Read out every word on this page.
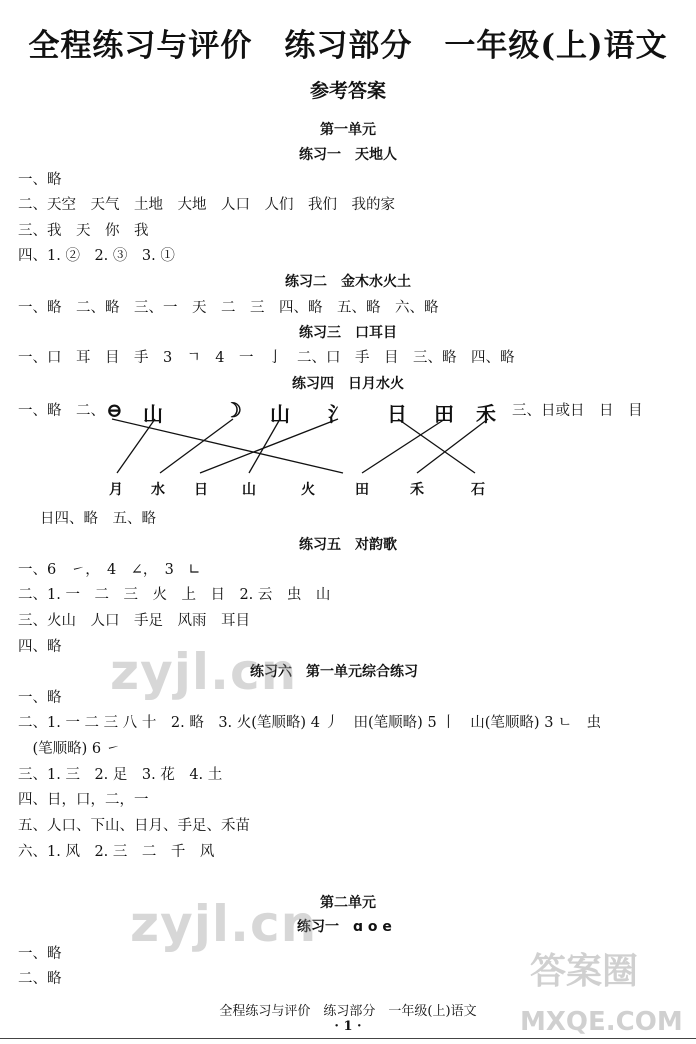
全程练习与评价　练习部分　一年级(上)语文
参考答案
第一单元
练习一　天地人
一、略
二、天空　天气　土地　大地　人口　人们　我们　我的家
三、我　天　你　我
四、1. ②　2. ③　3. ①
练习二　金木水火土
一、略　二、略　三、一　天　二　三　四、略　五、略　六、略
练习三　口耳目
一、口　耳　目　手　3　ㄱ　4　一　亅　二、口　手　目　三、略　四、略
练习四　日月水火
一、略　二、	三、日或日　日　目
⊖ 山	☽ 山 氵 日 田 禾
月 水 日 山	火	田	禾	石
日四、略　五、略
练习五　对韵歌
一、6　㇀，　4　∠，　3　∟
二、1. 一　二　三　火　上　日　2. 云　虫　山
三、火山　人口　手足　风雨　耳目
四、略
练习六　第一单元综合练习
一、略
二、1. 一 二 三 八 十　2. 略　3. 火(笔顺略) 4 丿　田(笔顺略) 5 丨　山(笔顺略) 3 ㄴ　虫
　(笔顺略) 6 ㇀
三、1. 三　2. 足　3. 花　4. 土
四、日，口，二，一
五、人口、下山、日月、手足、禾苗
六、1. 风　2. 三　二　千　风
第二单元
练习一　ɑ o e
一、略
二、略
zyjl.cn
zyjl.cn
答案圈
MXQE.COM
全程练习与评价　练习部分　一年级(上)语文
· 1 ·
